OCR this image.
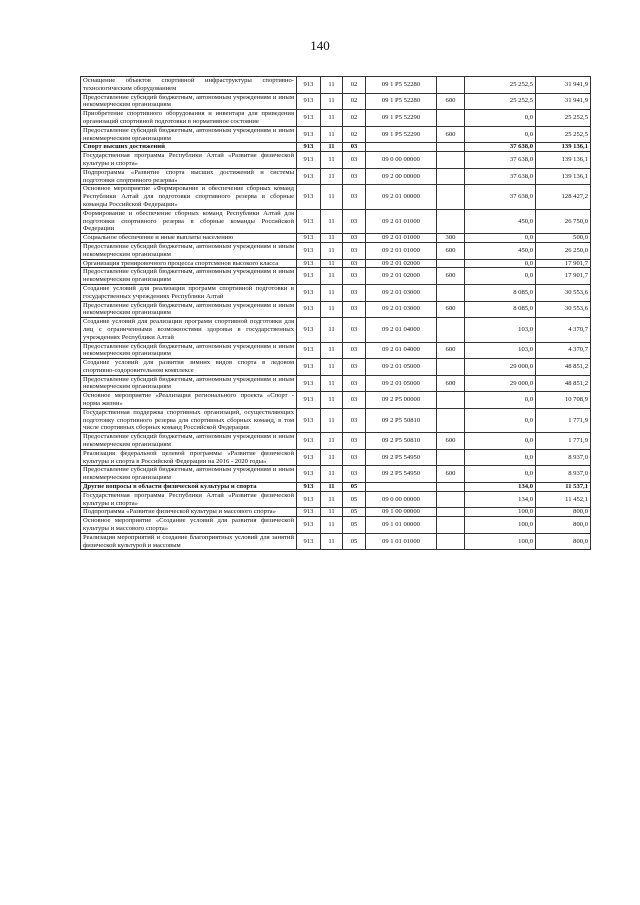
140
Оснащение объектов спортивной инфраструктуры спортивно-технологическим оборудованием	913	11	02	09 1 P5 52280		25 252,5	31 941,9
Предоставление субсидий бюджетным, автономным учреждениям и иным некоммерческим организациям	913	11	02	09 1 P5 52280	600	25 252,5	31 941,9
Приобретение спортивного оборудования и инвентаря для приведения организаций спортивной подготовки в нормативное состояние	913	11	02	09 1 P5 52290		0,0	25 252,5
Предоставление субсидий бюджетным, автономным учреждениям и иным некоммерческим организациям	913	11	02	09 1 P5 52290	600	0,0	25 252,5
Спорт высших достижений	913	11	03			37 638,0	139 136,1
Государственная программа Республики Алтай «Развитие физической культуры и спорта»	913	11	03	09 0 00 00000		37 638,0	139 136,1
Подпрограмма «Развитие спорта высших достижений и системы подготовки спортивного резерва»	913	11	03	09 2 00 00000		37 638,0	139 136,1
Основное мероприятие «Формирование и обеспечение сборных команд Республики Алтай для подготовки спортивного резерва в сборные команды Российской Федерации»	913	11	03	09 2 01 00000		37 638,0	128 427,2
Формирование и обеспечение сборных команд Республики Алтай для подготовки спортивного резерва в сборные команды Российской Федерации	913	11	03	09 2 01 01000		450,0	26 750,0
Социальное обеспечение и иные выплаты населению	913	11	03	09 2 01 01000	300	0,0	500,0
Предоставление субсидий бюджетным, автономным учреждениям и иным некоммерческим организациям	913	11	03	09 2 01 01000	600	450,0	26 250,0
Организация тренировочного процесса спортсменов высокого класса	913	11	03	09 2 01 02000		0,0	17 901,7
Предоставление субсидий бюджетным, автономным учреждениям и иным некоммерческим организациям	913	11	03	09 2 01 02000	600	0,0	17 901,7
Создание условий для реализации программ спортивной подготовки в государственных учреждениях Республики Алтай	913	11	03	09 2 01 03000		8 085,0	30 553,6
Предоставление субсидий бюджетным, автономным учреждениям и иным некоммерческим организациям	913	11	03	09 2 01 03000	600	8 085,0	30 553,6
Создание условий для реализации программ спортивной подготовки для лиц с ограниченными возможностями здоровья в государственных учреждениях Республики Алтай	913	11	03	09 2 01 04000		103,0	4 370,7
Предоставление субсидий бюджетным, автономным учреждениям и иным некоммерческим организациям	913	11	03	09 2 01 04000	600	103,0	4 370,7
Создание условий для развития зимних видов спорта в ледовом спортивно-оздоровительном комплексе	913	11	03	09 2 01 05000		29 000,0	48 851,2
Предоставление субсидий бюджетным, автономным учреждениям и иным некоммерческим организациям	913	11	03	09 2 01 05000	600	29 000,0	48 851,2
Основное мероприятие «Реализация регионального проекта «Спорт - норма жизни»	913	11	03	09 2 P5 00000		0,0	10 708,9
Государственная поддержка спортивных организаций, осуществляющих подготовку спортивного резерва для спортивных сборных команд, в том числе спортивных сборных команд Российской Федерации	913	11	03	09 2 P5 50810		0,0	1 771,9
Предоставление субсидий бюджетным, автономным учреждениям и иным некоммерческим организациям	913	11	03	09 2 P5 50810	600	0,0	1 771,9
Реализация федеральной целевой программы «Развитие физической культуры и спорта в Российской Федерации на 2016 - 2020 годы»	913	11	03	09 2 P5 54950		0,0	8 937,0
Предоставление субсидий бюджетным, автономным учреждениям и иным некоммерческим организациям	913	11	03	09 2 P5 54950	600	0,0	8 937,0
Другие вопросы в области физической культуры и спорта	913	11	05			134,0	11 537,1
Государственная программа Республики Алтай «Развитие физической культуры и спорта»	913	11	05	09 0 00 00000		134,0	11 452,1
Подпрограмма «Развитие физической культуры и массового спорта»	913	11	05	09 1 00 00000		100,0	800,0
Основное мероприятие «Создание условий для развития физической культуры и массового спорта»	913	11	05	09 1 01 00000		100,0	800,0
Реализация мероприятий и создание благоприятных условий для занятий физической культурой и массовым	913	11	05	09 1 01 01000		100,0	800,0
